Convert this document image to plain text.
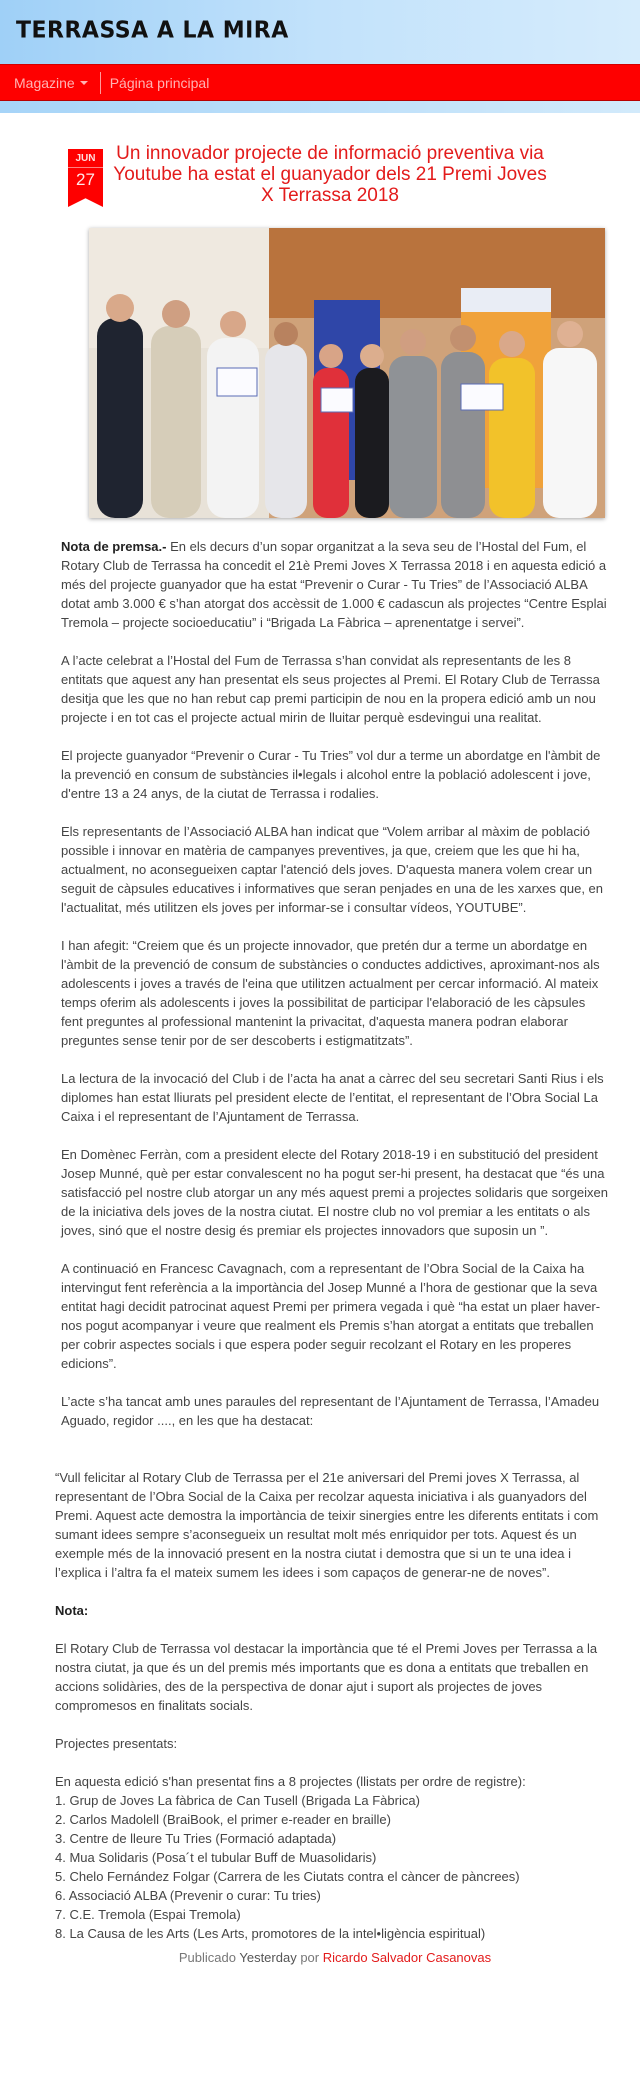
TERRASSA A LA MIRA
Magazine	Página principal
JUN
27
Un innovador projecte de informació preventiva via Youtube ha estat el guanyador dels 21 Premi Joves X Terrassa 2018

Nota de premsa.- En els decurs d’un sopar organitzat a la seva seu de l’Hostal del Fum, el Rotary Club de Terrassa ha concedit el 21è Premi Joves X Terrassa 2018 i en aquesta edició a més del projecte guanyador que ha estat “Prevenir o Curar - Tu Tries” de l’Associació ALBA dotat amb 3.000 € s’han atorgat dos accèssit de 1.000 € cadascun als projectes “Centre Esplai Tremola – projecte socioeducatiu” i “Brigada La Fàbrica – aprenentatge i servei”.

A l’acte celebrat a l’Hostal del Fum de Terrassa s’han convidat als representants de les 8 entitats que aquest any han presentat els seus projectes al Premi. El Rotary Club de Terrassa desitja que les que no han rebut cap premi participin de nou en la propera edició amb un nou projecte i en tot cas el projecte actual mirin de lluitar perquè esdevingui una realitat.

El projecte guanyador “Prevenir o Curar - Tu Tries” vol dur a terme un abordatge en l'àmbit de la prevenció en consum de substàncies il•legals i alcohol entre la població adolescent i jove, d'entre 13 a 24 anys, de la ciutat de Terrassa i rodalies.

Els representants de l’Associació ALBA han indicat que “Volem arribar al màxim de població possible i innovar en matèria de campanyes preventives, ja que, creiem que les que hi ha, actualment, no aconsegueixen captar l'atenció dels joves. D'aquesta manera volem crear un seguit de càpsules educatives i informatives que seran penjades en una de les xarxes que, en l'actualitat, més utilitzen els joves per informar-se i consultar vídeos, YOUTUBE”.

I han afegit: “Creiem que és un projecte innovador, que pretén dur a terme un abordatge en l'àmbit de la prevenció de consum de substàncies o conductes addictives, aproximant-nos als adolescents i joves a través de l'eina que utilitzen actualment per cercar informació. Al mateix temps oferim als adolescents i joves la possibilitat de participar l'elaboració de les càpsules fent preguntes al professional mantenint la privacitat, d'aquesta manera podran elaborar preguntes sense tenir por de ser descoberts i estigmatitzats”.

La lectura de la invocació del Club i de l’acta ha anat a càrrec del seu secretari Santi Rius i els diplomes han estat lliurats pel president electe de l’entitat, el representant de l’Obra Social La Caixa i el representant de l’Ajuntament de Terrassa.

En Domènec Ferràn, com a president electe del Rotary 2018-19 i en substitució del president Josep Munné, què per estar convalescent no ha pogut ser-hi present, ha destacat que “és una satisfacció pel nostre club atorgar un any més aquest premi a projectes solidaris que sorgeixen de la iniciativa dels joves de la nostra ciutat. El nostre club no vol premiar a les entitats o als joves, sinó que el nostre desig és premiar els projectes innovadors que suposin un ”.

A continuació en Francesc Cavagnach, com a representant de l’Obra Social de la Caixa ha intervingut fent referència a la importància del Josep Munné a l’hora de gestionar que la seva entitat hagi decidit patrocinat aquest Premi per primera vegada i què “ha estat un plaer haver-nos pogut acompanyar i veure que realment els Premis s’han atorgat a entitats que treballen per cobrir aspectes socials i que espera poder seguir recolzant el Rotary en les properes edicions”.

L’acte s’ha tancat amb unes paraules del representant de l’Ajuntament de Terrassa, l’Amadeu Aguado, regidor ...., en les que ha destacat:

“Vull felicitar al Rotary Club de Terrassa per el 21e aniversari del Premi joves X Terrassa, al representant de l’Obra Social de la Caixa per recolzar aquesta iniciativa i als guanyadors del Premi. Aquest acte demostra la importància de teixir sinergies entre les diferents entitats i com sumant idees sempre s’aconsegueix un resultat molt més enriquidor per tots. Aquest és un exemple més de la innovació present en la nostra ciutat i demostra que si un te una idea i l’explica i l’altra fa el mateix sumem les idees i som capaços de generar-ne de noves”.

Nota:

El Rotary Club de Terrassa vol destacar la importància que té el Premi Joves per Terrassa a la nostra ciutat, ja que és un del premis més importants que es dona a entitats que treballen en accions solidàries, des de la perspectiva de donar ajut i suport als projectes de joves compromesos en finalitats socials.

Projectes presentats:

En aquesta edició s'han presentat fins a 8 projectes (llistats per ordre de registre):
1. Grup de Joves La fàbrica de Can Tusell (Brigada La Fàbrica)
2. Carlos Madolell (BraiBook, el primer e-reader en braille)
3. Centre de lleure Tu Tries (Formació adaptada)
4. Mua Solidaris (Posa´t el tubular Buff de Muasolidaris)
5. Chelo Fernández Folgar (Carrera de les Ciutats contra el càncer de pàncrees)
6. Associació ALBA (Prevenir o curar: Tu tries)
7. C.E. Tremola (Espai Tremola)
8. La Causa de les Arts (Les Arts, promotores de la intel•ligència espiritual)
Publicado Yesterday por Ricardo Salvador Casanovas
